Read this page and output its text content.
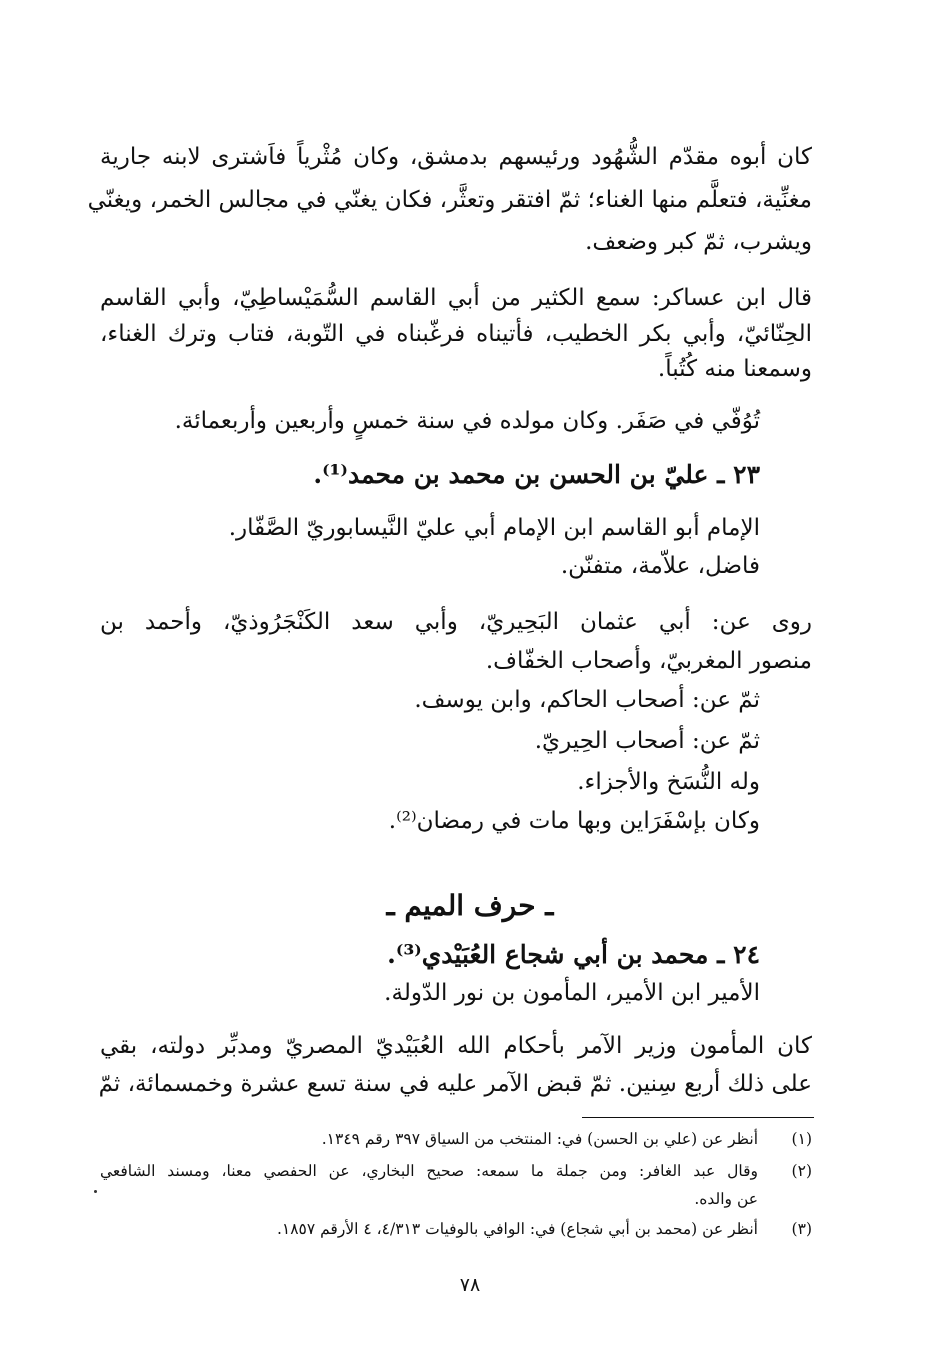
كان أبوه مقدّم الشُّهُود ورئيسهم بدمشق، وكان مُثْرياً فاَشترى لابنه جارية
مغنِّية، فتعلَّم منها الغناء؛ ثمّ افتقر وتعثَّر، فكان يغنّي في مجالس الخمر، ويغنّي
ويشرب، ثمّ كبر وضعف.
قال ابن عساكر: سمع الكثير من أبي القاسم السُّمَيْساطِيّ، وأبي القاسم
الحِنّائيّ، وأبي بكر الخطيب، فأتيناه فرغّبناه في التّوبة، فتاب وترك الغناء،
وسمعنا منه كُتُباً.
تُوُفّي في صَفَر. وكان مولده في سنة خمسٍ وأربعين وأربعمائة.
٢٣ ـ عليّ بن الحسن بن محمد بن محمد⁽¹⁾.
الإمام أبو القاسم ابن الإمام أبي عليّ النَّيسابوريّ الصَّفّار.
فاضل، علاّمة، متفنّن.
روى عن: أبي عثمان البَحِيريّ، وأبي سعد الكَنْجَرُوذيّ، وأحمد بن
منصور المغربيّ، وأصحاب الخفّاف.
ثمّ عن: أصحاب الحاكم، وابن يوسف.
ثمّ عن: أصحاب الحِيريّ.
وله النُّسَخ والأجزاء.
وكان بإسْفَرَاين وبها مات في رمضان⁽²⁾.
ـ حرف الميم ـ
٢٤ ـ محمد بن أبي شجاع العُبَيْدي⁽³⁾.
الأمير ابن الأمير، المأمون بن نور الدّولة.
كان المأمون وزير الآمر بأحكام الله العُبَيْديّ المصريّ ومدبِّر دولته، بقي
على ذلك أربع سِنين. ثمّ قبض الآمر عليه في سنة تسع عشرة وخمسمائة، ثمّ
(١)
أنظر عن (علي بن الحسن) في: المنتخب من السياق ٣٩٧ رقم ١٣٤٩.
(٢)
وقال عبد الغافر: ومن جملة ما سمعه: صحيح البخاري، عن الحفصي معنا، ومسند الشافعي
عن والده.
(٣)
أنظر عن (محمد بن أبي شجاع) في: الوافي بالوفيات ٤/٣١٣، ٤ الأرقم ١٨٥٧.
٧٨
